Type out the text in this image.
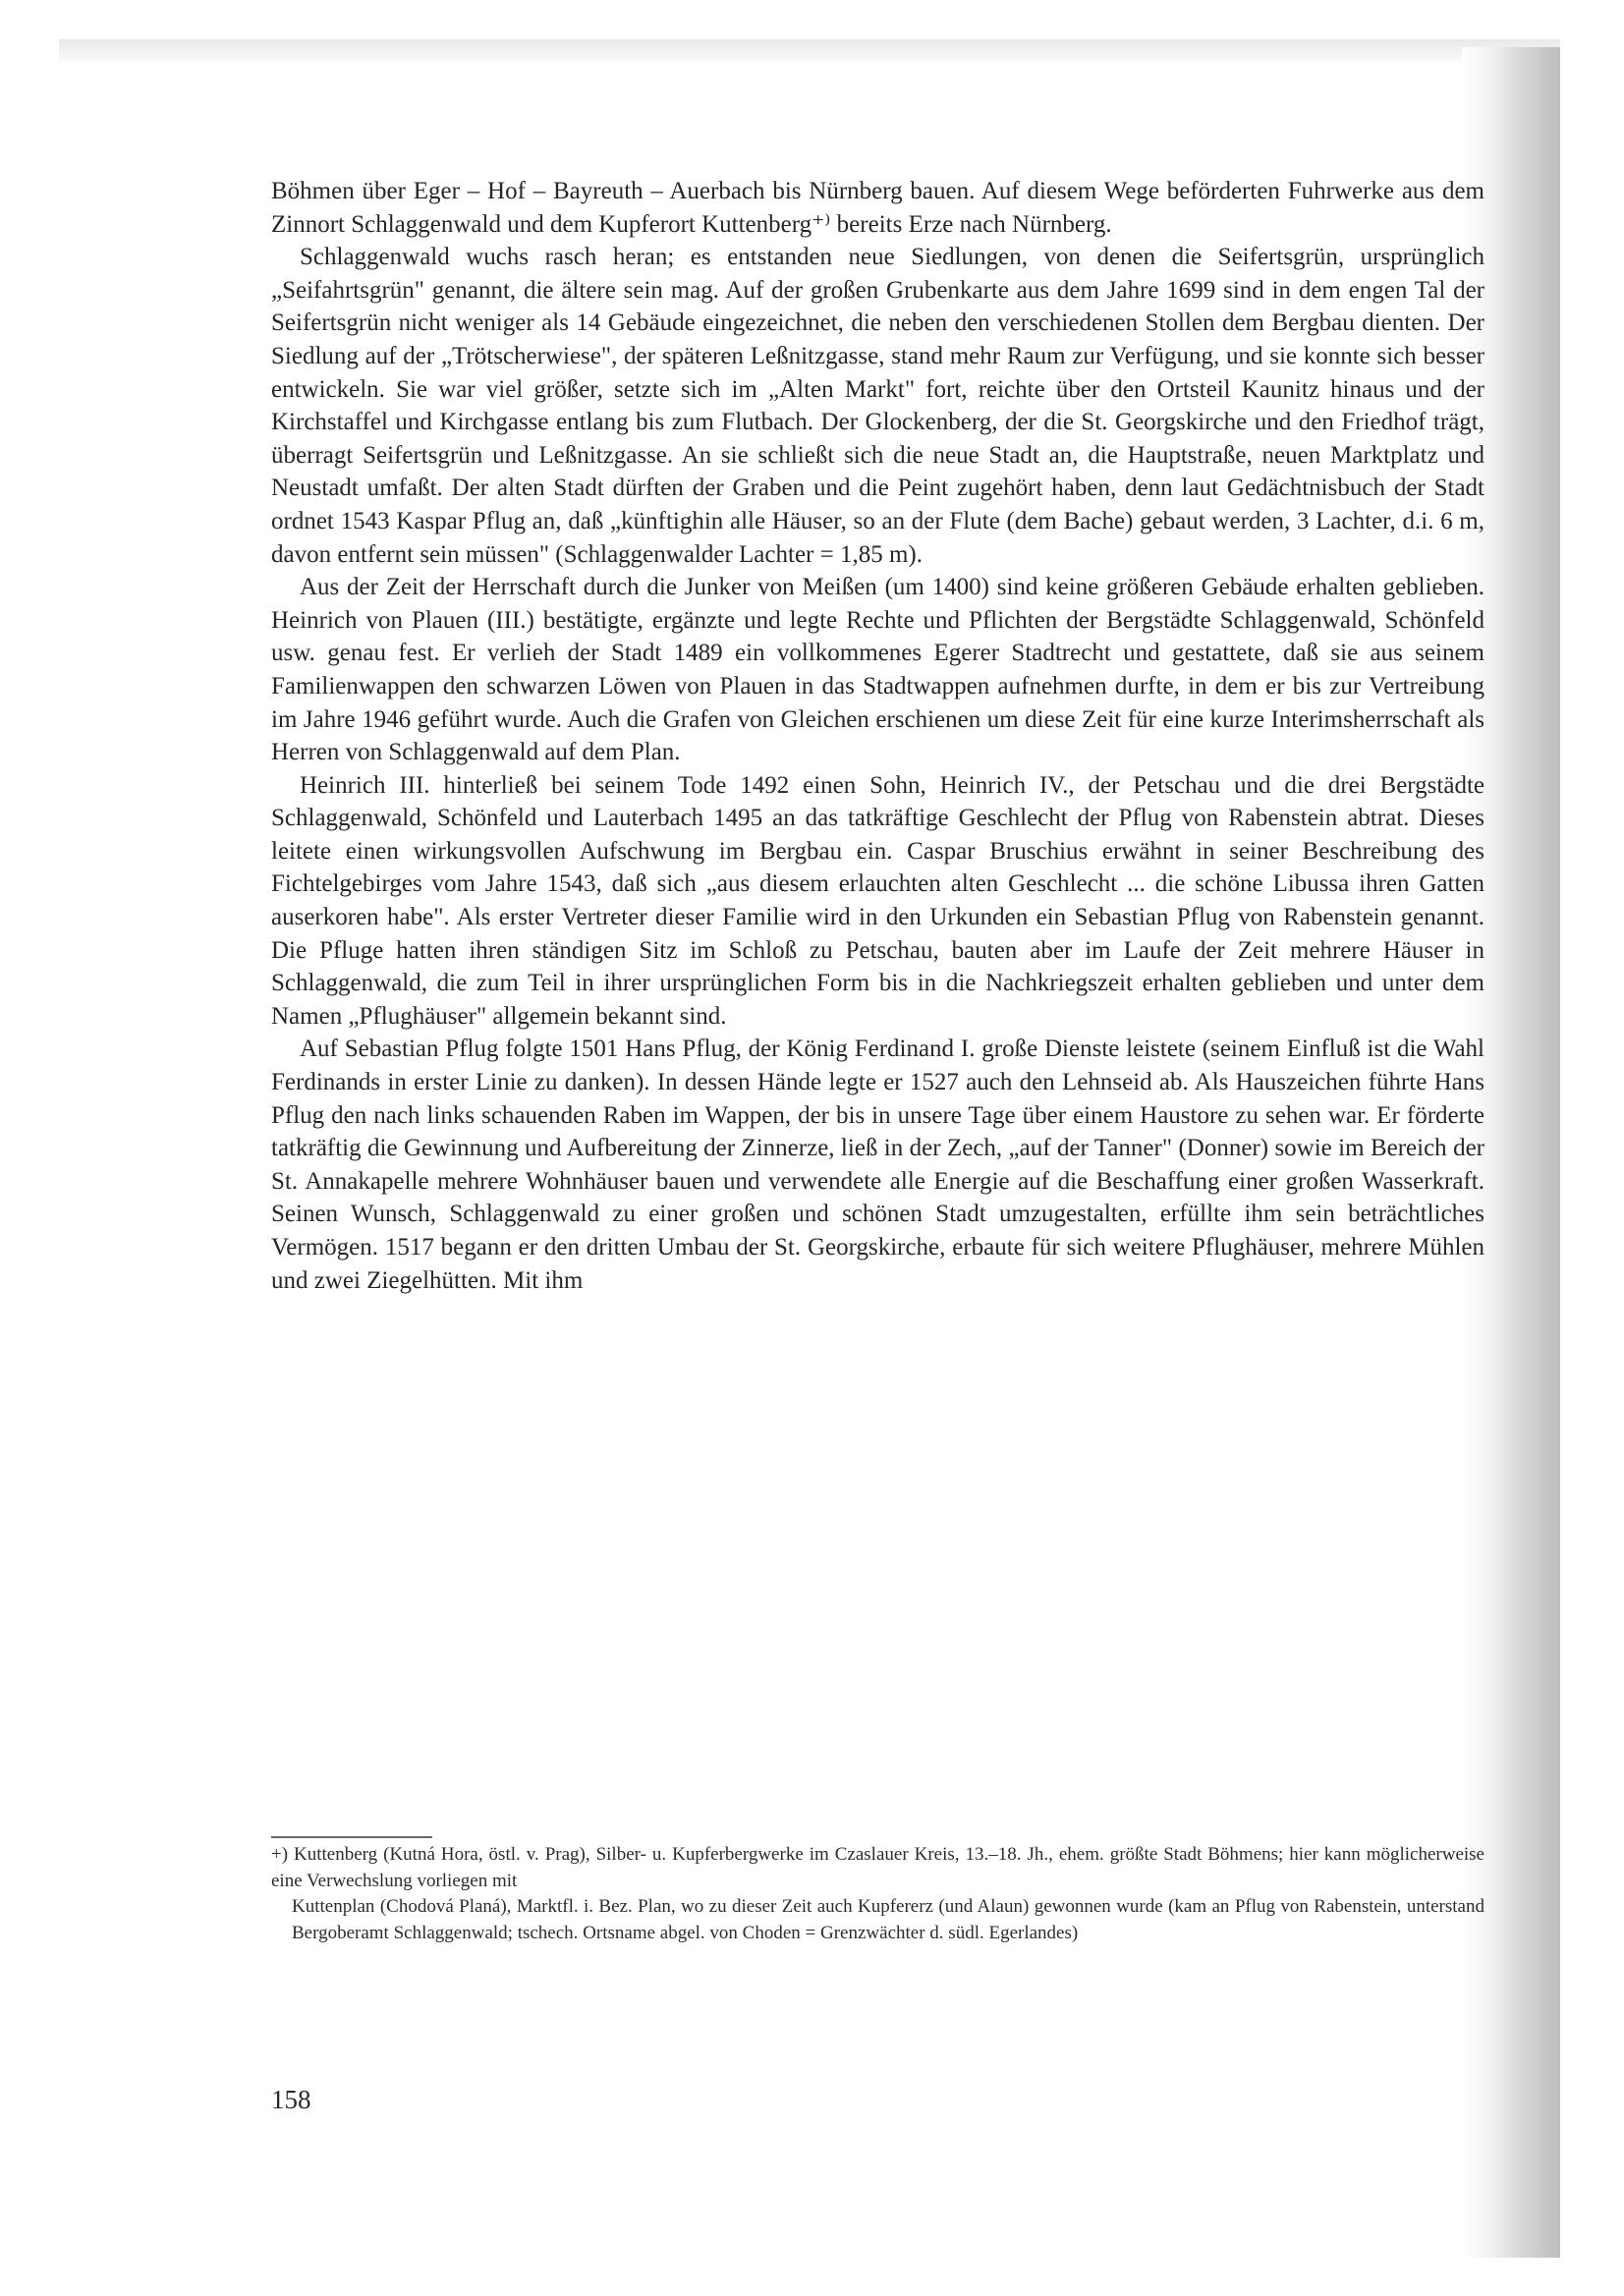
Böhmen über Eger – Hof – Bayreuth – Auerbach bis Nürnberg bauen. Auf diesem Wege beförderten Fuhrwerke aus dem Zinnort Schlaggenwald und dem Kupferort Kuttenberg⁺⁾ bereits Erze nach Nürnberg.

Schlaggenwald wuchs rasch heran; es entstanden neue Siedlungen, von denen die Seifertsgrün, ursprünglich „Seifahrtsgrün" genannt, die ältere sein mag. Auf der großen Grubenkarte aus dem Jahre 1699 sind in dem engen Tal der Seifertsgrün nicht weniger als 14 Gebäude eingezeichnet, die neben den verschiedenen Stollen dem Bergbau dienten. Der Siedlung auf der „Trötscherwiese", der späteren Leßnitzgasse, stand mehr Raum zur Verfügung, und sie konnte sich besser entwickeln. Sie war viel größer, setzte sich im „Alten Markt" fort, reichte über den Ortsteil Kaunitz hinaus und der Kirchstaffel und Kirchgasse entlang bis zum Flutbach. Der Glockenberg, der die St. Georgskirche und den Friedhof trägt, überragt Seifertsgrün und Leßnitzgasse. An sie schließt sich die neue Stadt an, die Hauptstraße, neuen Marktplatz und Neustadt umfaßt. Der alten Stadt dürften der Graben und die Peint zugehört haben, denn laut Gedächtnisbuch der Stadt ordnet 1543 Kaspar Pflug an, daß „künftighin alle Häuser, so an der Flute (dem Bache) gebaut werden, 3 Lachter, d.i. 6 m, davon entfernt sein müssen" (Schlaggenwalder Lachter = 1,85 m).

Aus der Zeit der Herrschaft durch die Junker von Meißen (um 1400) sind keine größeren Gebäude erhalten geblieben. Heinrich von Plauen (III.) bestätigte, ergänzte und legte Rechte und Pflichten der Bergstädte Schlaggenwald, Schönfeld usw. genau fest. Er verlieh der Stadt 1489 ein vollkommenes Egerer Stadtrecht und gestattete, daß sie aus seinem Familienwappen den schwarzen Löwen von Plauen in das Stadtwappen aufnehmen durfte, in dem er bis zur Vertreibung im Jahre 1946 geführt wurde. Auch die Grafen von Gleichen erschienen um diese Zeit für eine kurze Interimsherrschaft als Herren von Schlaggenwald auf dem Plan.

Heinrich III. hinterließ bei seinem Tode 1492 einen Sohn, Heinrich IV., der Petschau und die drei Bergstädte Schlaggenwald, Schönfeld und Lauterbach 1495 an das tatkräftige Geschlecht der Pflug von Rabenstein abtrat. Dieses leitete einen wirkungsvollen Aufschwung im Bergbau ein. Caspar Bruschius erwähnt in seiner Beschreibung des Fichtelgebirges vom Jahre 1543, daß sich „aus diesem erlauchten alten Geschlecht ... die schöne Libussa ihren Gatten auserkoren habe". Als erster Vertreter dieser Familie wird in den Urkunden ein Sebastian Pflug von Rabenstein genannt. Die Pfluge hatten ihren ständigen Sitz im Schloß zu Petschau, bauten aber im Laufe der Zeit mehrere Häuser in Schlaggenwald, die zum Teil in ihrer ursprünglichen Form bis in die Nachkriegszeit erhalten geblieben und unter dem Namen „Pflughäuser" allgemein bekannt sind.

Auf Sebastian Pflug folgte 1501 Hans Pflug, der König Ferdinand I. große Dienste leistete (seinem Einfluß ist die Wahl Ferdinands in erster Linie zu danken). In dessen Hände legte er 1527 auch den Lehnseid ab. Als Hauszeichen führte Hans Pflug den nach links schauenden Raben im Wappen, der bis in unsere Tage über einem Haustore zu sehen war. Er förderte tatkräftig die Gewinnung und Aufbereitung der Zinnerze, ließ in der Zech, „auf der Tanner" (Donner) sowie im Bereich der St. Annakapelle mehrere Wohnhäuser bauen und verwendete alle Energie auf die Beschaffung einer großen Wasserkraft. Seinen Wunsch, Schlaggenwald zu einer großen und schönen Stadt umzugestalten, erfüllte ihm sein beträchtliches Vermögen. 1517 begann er den dritten Umbau der St. Georgskirche, erbaute für sich weitere Pflughäuser, mehrere Mühlen und zwei Ziegelhütten. Mit ihm

+) Kuttenberg (Kutná Hora, östl. v. Prag), Silber- u. Kupferbergwerke im Czaslauer Kreis, 13.–18. Jh., ehem. größte Stadt Böhmens; hier kann möglicherweise eine Verwechslung vorliegen mit

Kuttenplan (Chodová Planá), Marktfl. i. Bez. Plan, wo zu dieser Zeit auch Kupfererz (und Alaun) gewonnen wurde (kam an Pflug von Rabenstein, unterstand Bergoberamt Schlaggenwald; tschech. Ortsname abgel. von Choden = Grenzwächter d. südl. Egerlandes)

158
